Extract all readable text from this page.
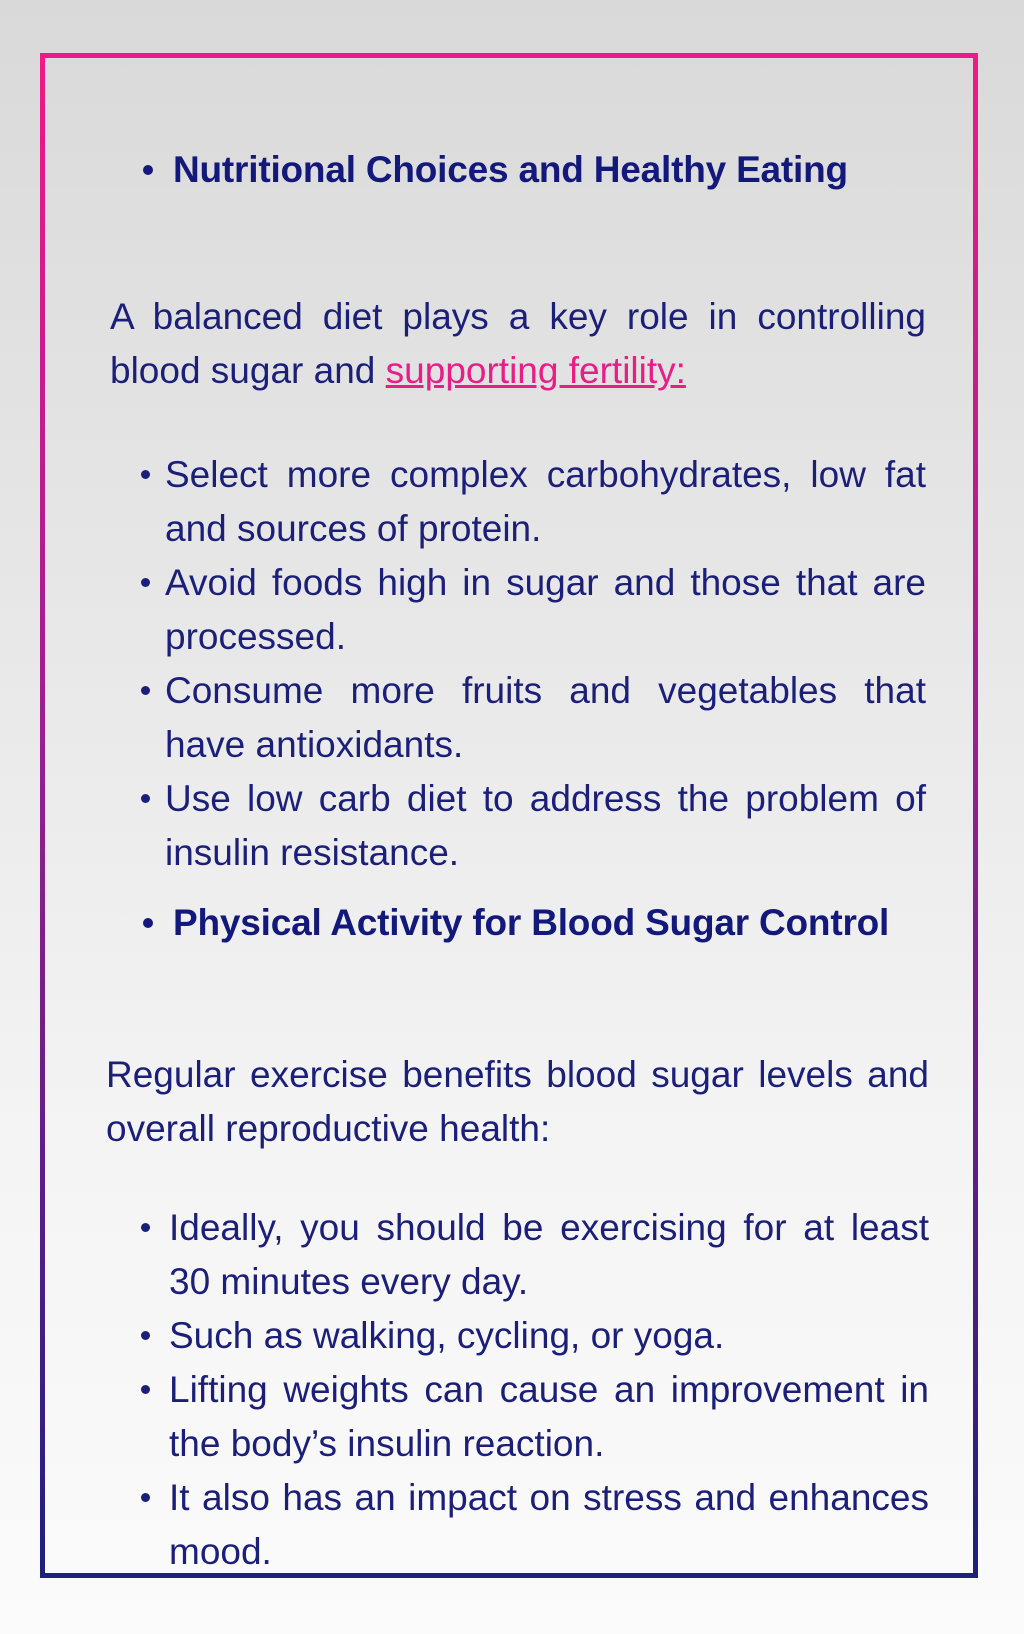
Nutritional Choices and Healthy Eating

A balanced diet plays a key role in controlling blood sugar and supporting fertility:

Select more complex carbohydrates, low fat and sources of protein.
Avoid foods high in sugar and those that are processed.
Consume more fruits and vegetables that have antioxidants.
Use low carb diet to address the problem of insulin resistance.
Physical Activity for Blood Sugar Control

Regular exercise benefits blood sugar levels and overall reproductive health:

Ideally, you should be exercising for at least 30 minutes every day.
Such as walking, cycling, or yoga.
Lifting weights can cause an improvement in the body’s insulin reaction.
It also has an impact on stress and enhances mood.
